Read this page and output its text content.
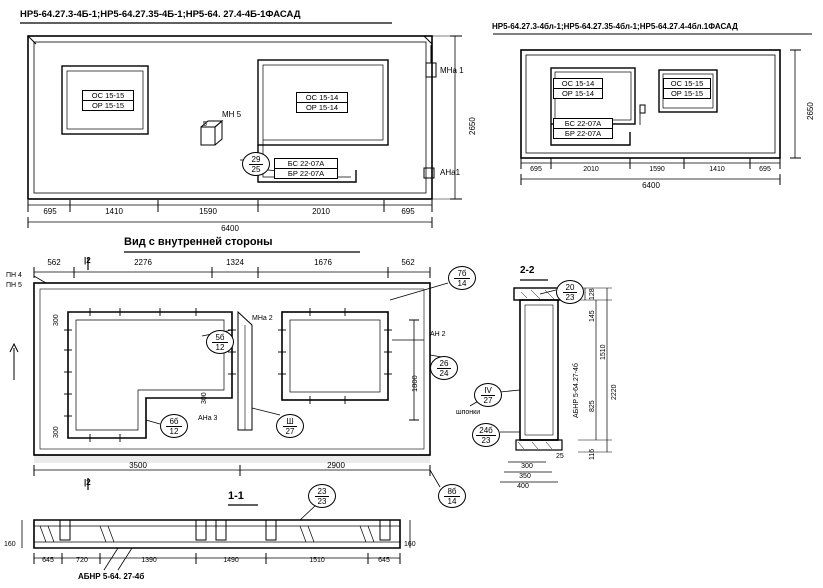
НР5-64.27.3-4Б-1;НР5-64.27.35-4Б-1;НР5-64. 27.4-4Б-1ФАСАД
НР5-64.27.3-4бл-1;НР5-64.27.35-4бл-1;НР5-64.27.4-4бл.1ФАСАД
ОС 15-15
ОР 15-15
ОС 15-14
ОР 15-14
МН 5
5
МНа 1
АНа1
29
25
БС 22-07А
БР 22-07А
695	1410	1590	2010	695
6400
2650
ОС 15-14
ОР 15-14
ОС 15-15
ОР 15-15
БС 22-07А
БР 22-07А
695	2010	1590	1410	695
6400
2650
Вид с внутренней стороны
ПН 4
ПН 5
|2
|2
562	2276	1324	1676	562
3500	2900
1800
300
300
300
МНа 2
АН 2
АНа 3
7б
14
5б
12
6б
12
26
24
Ш
27
8б
14
2-2
20
23
IV
27
24б
23
шпонки	АБНР 5-64.27-4б
128
145
1510
2220
825
116
25
300
350
400
1-1	23
23
160	160
645	720	1390	1490	1510	645
АБНР 5-64. 27-4б
